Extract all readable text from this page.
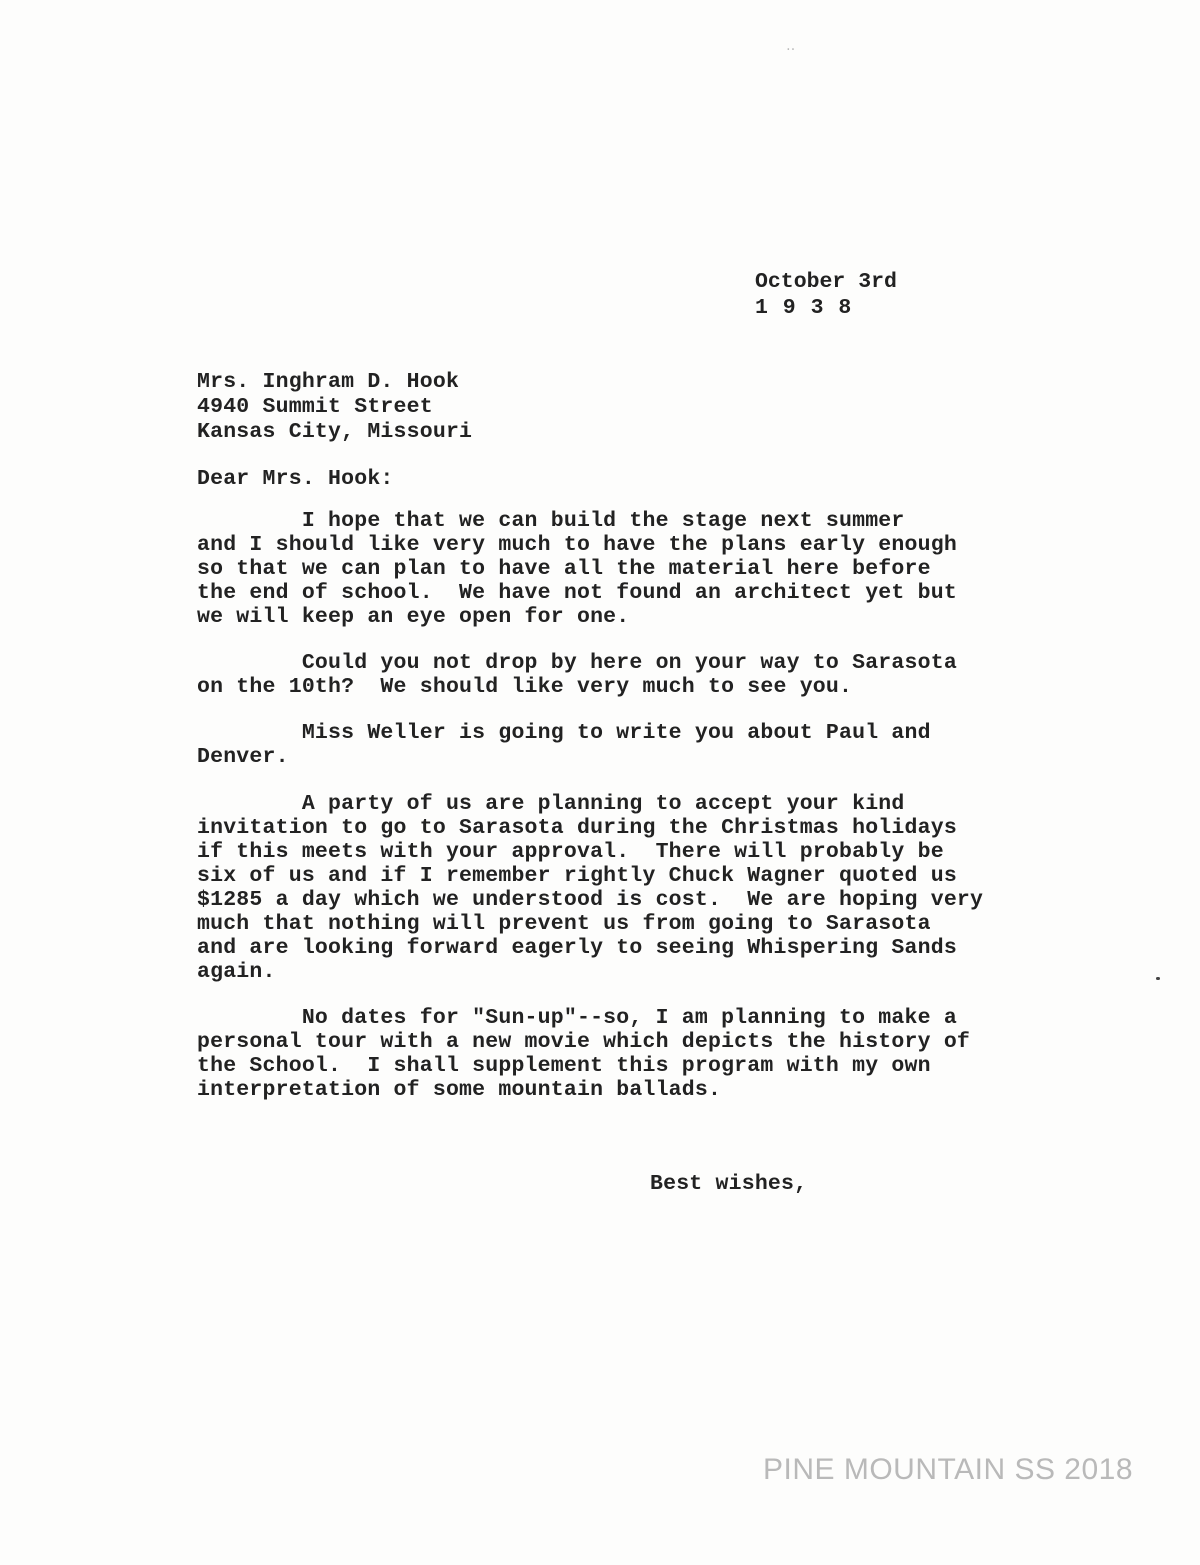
․․
October 3rd
1 9 3 8
Mrs. Inghram D. Hook
4940 Summit Street
Kansas City, Missouri
Dear Mrs. Hook:
I hope that we can build the stage next summer
and I should like very much to have the plans early enough
so that we can plan to have all the material here before
the end of school.  We have not found an architect yet but
we will keep an eye open for one.
Could you not drop by here on your way to Sarasota
on the 10th?  We should like very much to see you.
Miss Weller is going to write you about Paul and
Denver.
A party of us are planning to accept your kind
invitation to go to Sarasota during the Christmas holidays
if this meets with your approval.  There will probably be
six of us and if I remember rightly Chuck Wagner quoted us
$1285 a day which we understood is cost.  We are hoping very
much that nothing will prevent us from going to Sarasota
and are looking forward eagerly to seeing Whispering Sands
again.
No dates for "Sun-up"--so, I am planning to make a
personal tour with a new movie which depicts the history of
the School.  I shall supplement this program with my own
interpretation of some mountain ballads.
Best wishes,
PINE MOUNTAIN SS 2018
